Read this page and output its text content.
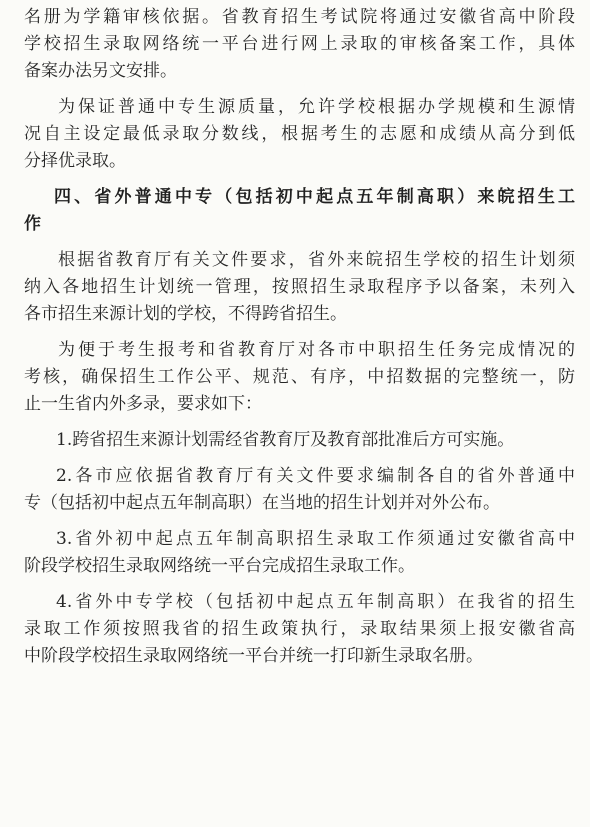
名册为学籍审核依据。省教育招生考试院将通过安徽省高中阶段
学校招生录取网络统一平台进行网上录取的审核备案工作，具体
备案办法另文安排。
为保证普通中专生源质量，允许学校根据办学规模和生源情
况自主设定最低录取分数线，根据考生的志愿和成绩从高分到低
分择优录取。
四、省外普通中专（包括初中起点五年制高职）来皖招生工
作
根据省教育厅有关文件要求，省外来皖招生学校的招生计划须
纳入各地招生计划统一管理，按照招生录取程序予以备案，未列入
各市招生来源计划的学校，不得跨省招生。
为便于考生报考和省教育厅对各市中职招生任务完成情况的
考核，确保招生工作公平、规范、有序，中招数据的完整统一，防
止一生省内外多录，要求如下：
1.跨省招生来源计划需经省教育厅及教育部批准后方可实施。
2.各市应依据省教育厅有关文件要求编制各自的省外普通中
专（包括初中起点五年制高职）在当地的招生计划并对外公布。
3.省外初中起点五年制高职招生录取工作须通过安徽省高中
阶段学校招生录取网络统一平台完成招生录取工作。
4.省外中专学校（包括初中起点五年制高职）在我省的招生
录取工作须按照我省的招生政策执行，录取结果须上报安徽省高
中阶段学校招生录取网络统一平台并统一打印新生录取名册。
